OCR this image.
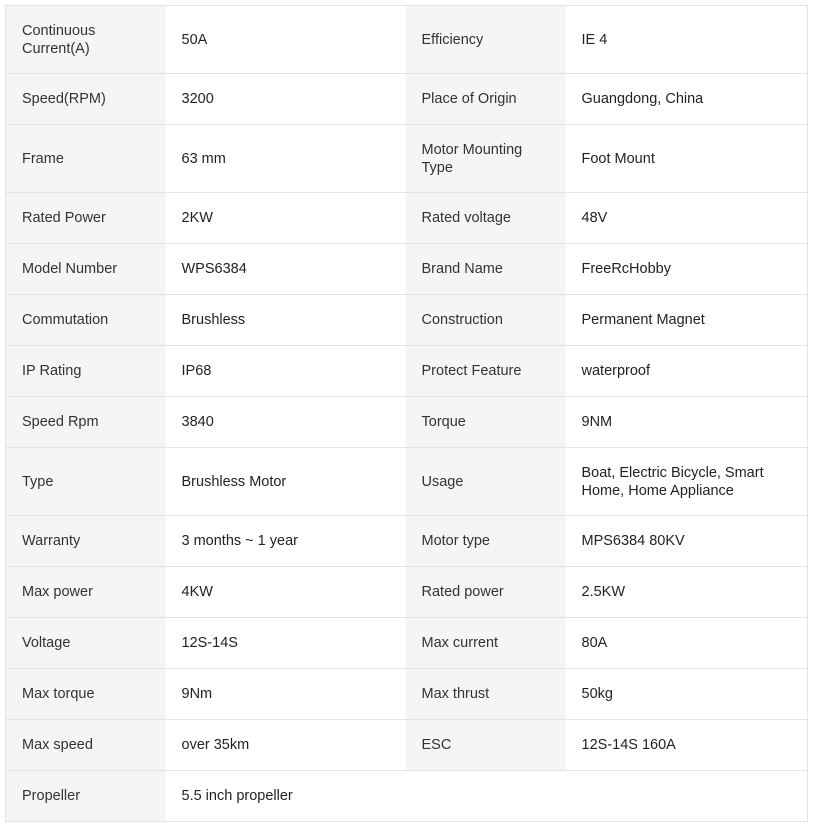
Continuous Current(A)	50A	Efficiency	IE 4
Speed(RPM)	3200	Place of Origin	Guangdong, China
Frame	63 mm	Motor Mounting Type	Foot Mount
Rated Power	2KW	Rated voltage	48V
Model Number	WPS6384	Brand Name	FreeRcHobby
Commutation	Brushless	Construction	Permanent Magnet
IP Rating	IP68	Protect Feature	waterproof
Speed Rpm	3840	Torque	9NM
Type	Brushless Motor	Usage	Boat, Electric Bicycle, Smart Home, Home Appliance
Warranty	3 months ~ 1 year	Motor type	MPS6384 80KV
Max power	4KW	Rated power	2.5KW
Voltage	12S-14S	Max current	80A
Max torque	9Nm	Max thrust	50kg
Max speed	over 35km	ESC	12S-14S 160A
Propeller	5.5 inch propeller		
